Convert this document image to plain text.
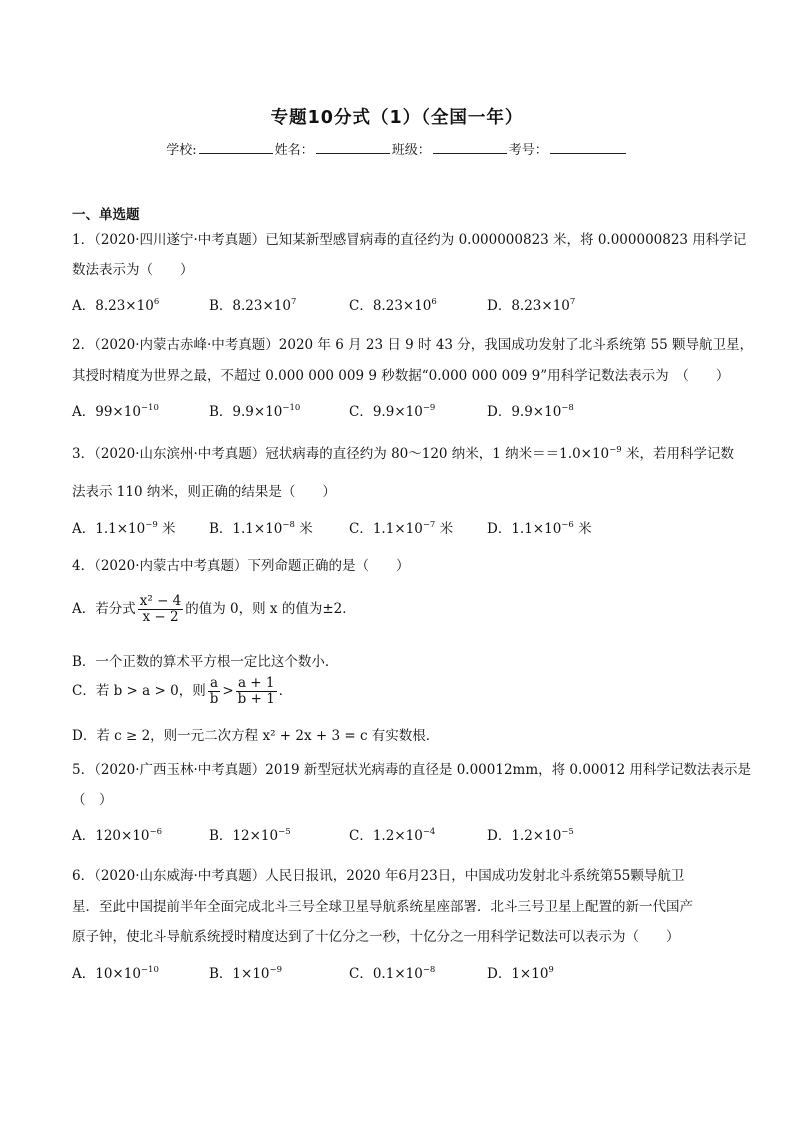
专题10分式（1）（全国一年）
学校:	姓名：	班级：	考号：
一、单选题
1．（2020·四川遂宁·中考真题）已知某新型感冒病毒的直径约为 0.000000823 米，将 0.000000823 用科学记
数法表示为（　　）
A．$8.23\times 10^6$	B．$8.23\times 10^7$	C．$8.23\times 10^6$	D．$8.23\times 10^7$
2．（2020·内蒙古赤峰·中考真题）2020 年 6 月 23 日 9 时 43 分，我国成功发射了北斗系统第 55 颗导航卫星，
其授时精度为世界之最，不超过 0.000 000 009 9 秒数据“0.000 000 009 9”用科学记数法表示为　（　　）
A．$99\times 10^{-10}$	B．$9.9\times 10^{-10}$	C．$9.9\times 10^{-9}$	D．$9.9\times 10^{-8}$
3．（2020·山东滨州·中考真题）冠状病毒的直径约为 80～120 纳米，1 纳米$==1.0\times 10^{-9}$ 米，若用科学记数
法表示 110 纳米，则正确的结果是（　　）
A．$1.1\times 10^{-9}$ 米 B．$1.1\times 10^{-8}$ 米	C．$1.1\times 10^{-7}$ 米	D．$1.1\times 10^{-6}$ 米
4．（2020·内蒙古中考真题）下列命题正确的是（　　）
A．若分式 $\frac{\text{x² − 4}}{x - 2}$ 的值为 0，则 x 的值为±2．
B．一个正数的算术平方根一定比这个数小．
C．若 b > a > 0，则 $\frac{a}{b} > \frac{a + 1}{b + 1}$ ．
D．若 c ≥ 2，则一元二次方程 x² + 2x + 3 = c 有实数根．
5．（2020·广西玉林·中考真题）2019 新型冠状光病毒的直径是 0.00012mm，将 0.00012 用科学记数法表示是
（　）
A．$120\times 10^{-6}$	B．$12\times 10^{-5}$	C．$1.2\times 10^{-4}$	D．$1.2\times 10^{-5}$
6．（2020·山东威海·中考真题）人民日报讯，2020 年6月23日，中国成功发射北斗系统第55颗导航卫
星．至此中国提前半年全面完成北斗三号全球卫星导航系统星座部署．北斗三号卫星上配置的新一代国产
原子钟，使北斗导航系统授时精度达到了十亿分之一秒，十亿分之一用科学记数法可以表示为（　　）
A．$10\times 10^{-10}$	B．$1\times 10^{-9}$	C．$0.1\times 10^{-8}$	D．$1\times 10^9$
